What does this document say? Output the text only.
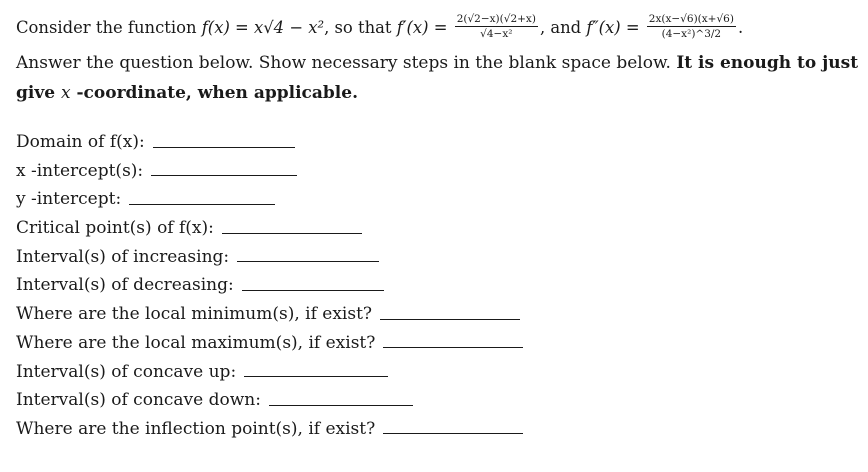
Consider the function f(x) = x√4 − x², so that $f'(x) = \frac{2(√2-x)(√2+x)}{\text{√4−x²}}$ , and $f''(x) = \frac{2x(x-√6)(x+√6)}{\text{(4−x²)\textasciicircum{}3/2}}$ .
Answer the question below. Show necessary steps in the blank space below. It is enough to just
give x -coordinate, when applicable.
Domain of f(x):
x -intercept(s):
y -intercept:
Critical point(s) of f(x):
Interval(s) of increasing:
Interval(s) of decreasing:
Where are the local minimum(s), if exist?
Where are the local maximum(s), if exist?
Interval(s) of concave up:
Interval(s) of concave down:
Where are the inflection point(s), if exist?
